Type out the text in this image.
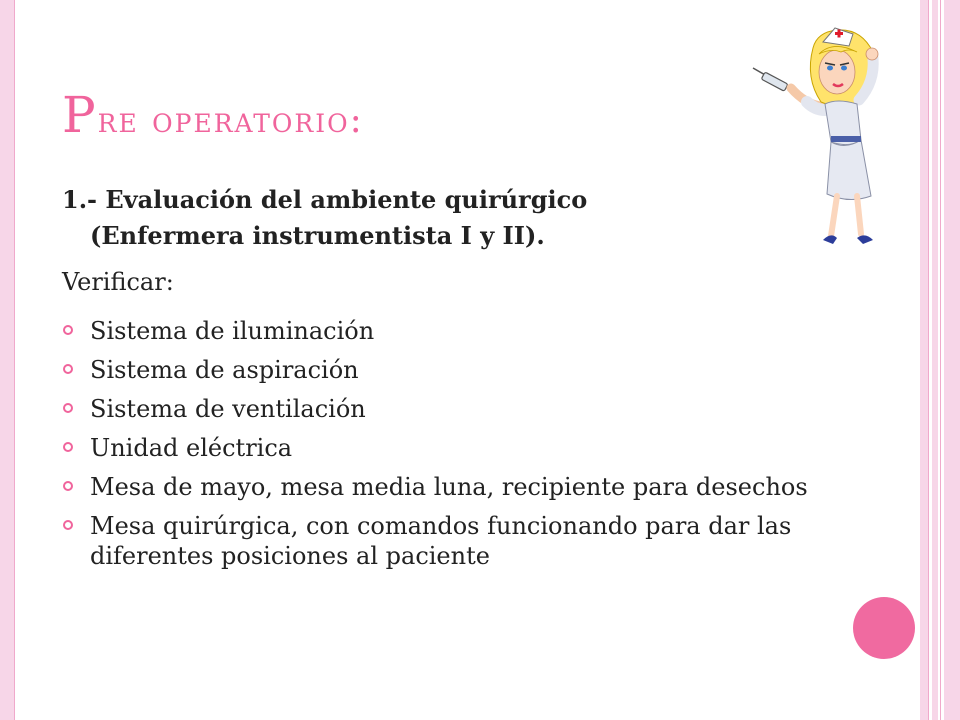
Pre operatorio:
1.- Evaluación del ambiente quirúrgico
(Enfermera instrumentista I y II).
Verificar:
Sistema de iluminación
Sistema de aspiración
Sistema de ventilación
Unidad eléctrica
Mesa de mayo, mesa media luna, recipiente para desechos
Mesa quirúrgica, con comandos funcionando para dar las diferentes posiciones al paciente
